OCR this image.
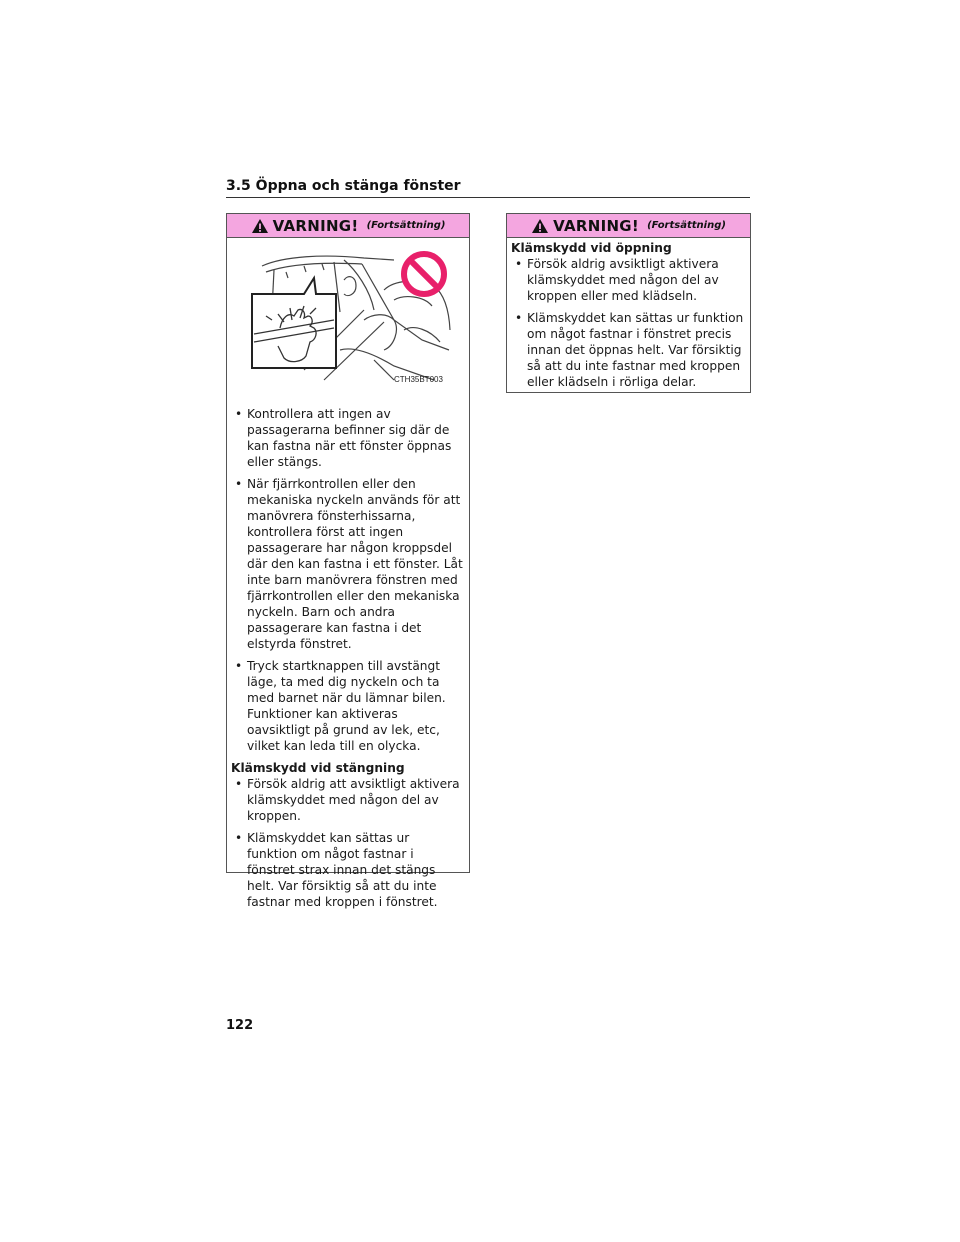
3.5 Öppna och stänga fönster
VARNING! (Fortsättning)
CTH35BT003
• Kontrollera att ingen av passagerarna befinner sig där de kan fastna när ett fönster öppnas eller stängs.
• När fjärrkontrollen eller den mekaniska nyckeln används för att manövrera fönsterhissarna, kontrollera först att ingen passagerare har någon kroppsdel där den kan fastna i ett fönster. Låt inte barn manövrera fönstren med fjärrkontrollen eller den mekaniska nyckeln. Barn och andra passagerare kan fastna i det elstyrda fönstret.
• Tryck startknappen till avstängt läge, ta med dig nyckeln och ta med barnet när du lämnar bilen. Funktioner kan aktiveras oavsiktligt på grund av lek, etc, vilket kan leda till en olycka.

Klämskydd vid stängning

• Försök aldrig att avsiktligt aktivera klämskyddet med någon del av kroppen.
• Klämskyddet kan sättas ur funktion om något fastnar i fönstret strax innan det stängs helt. Var försiktig så att du inte fastnar med kroppen i fönstret.
VARNING! (Fortsättning)

Klämskydd vid öppning

• Försök aldrig avsiktligt aktivera klämskyddet med någon del av kroppen eller med klädseln.
• Klämskyddet kan sättas ur funktion om något fastnar i fönstret precis innan det öppnas helt. Var försiktig så att du inte fastnar med kroppen eller klädseln i rörliga delar.
122
